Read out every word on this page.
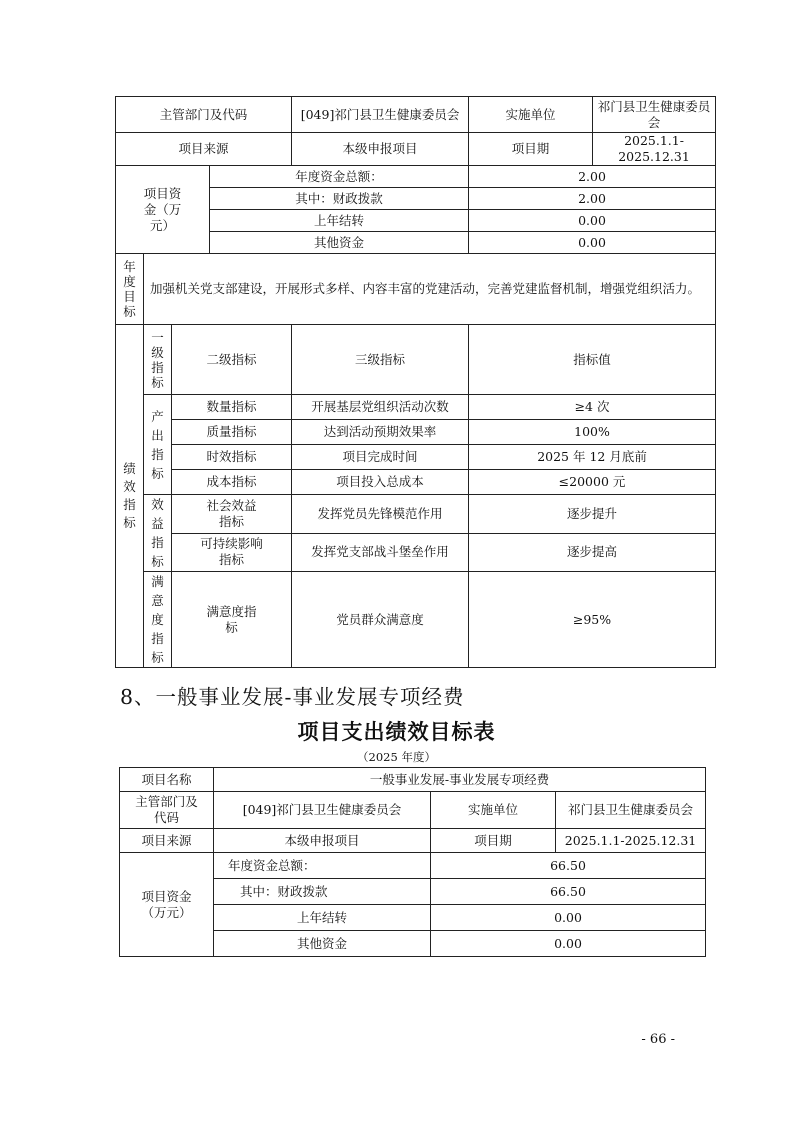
主管部门及代码				[049]祁门县卫生健康委员会	实施单位	祁门县卫生健康委员会
项目来源				本级申报项目	项目期	2025.1.1-2025.12.31
项目资金（万元）			年度资金总额：		2.00	
			其中：财政拨款		2.00	
			上年结转		0.00	
			其他资金		0.00	

年度目标	加强机关党支部建设，开展形式多样、内容丰富的党建活动，完善党建监督机制，增强党组织活力。					

绩效指标	一级指标	二级指标		三级指标	指标值	

	产出指标	数量指标		开展基层党组织活动次数	≥4 次	
		质量指标		达到活动预期效果率	100%	
		时效指标		项目完成时间	2025 年 12 月底前	
		成本指标		项目投入总成本	≤20000 元	

	效益指标	社会效益指标		发挥党员先锋模范作用	逐步提升	

		可持续影响指标		发挥党支部战斗堡垒作用	逐步提高	

	满意度指标	满意度指标		党员群众满意度	≥95%	
8、一般事业发展-事业发展专项经费
项目支出绩效目标表
（2025 年度）
项目名称	一般事业发展-事业发展专项经费		

主管部门及代码	[049]祁门县卫生健康委员会	实施单位	祁门县卫生健康委员会
项目来源	本级申报项目	项目期	2025.1.1-2025.12.31

项目资金（万元）	年度资金总额：	66.50	
	其中：财政拨款	66.50	
	上年结转	0.00	
	其他资金	0.00	
- 66 -
